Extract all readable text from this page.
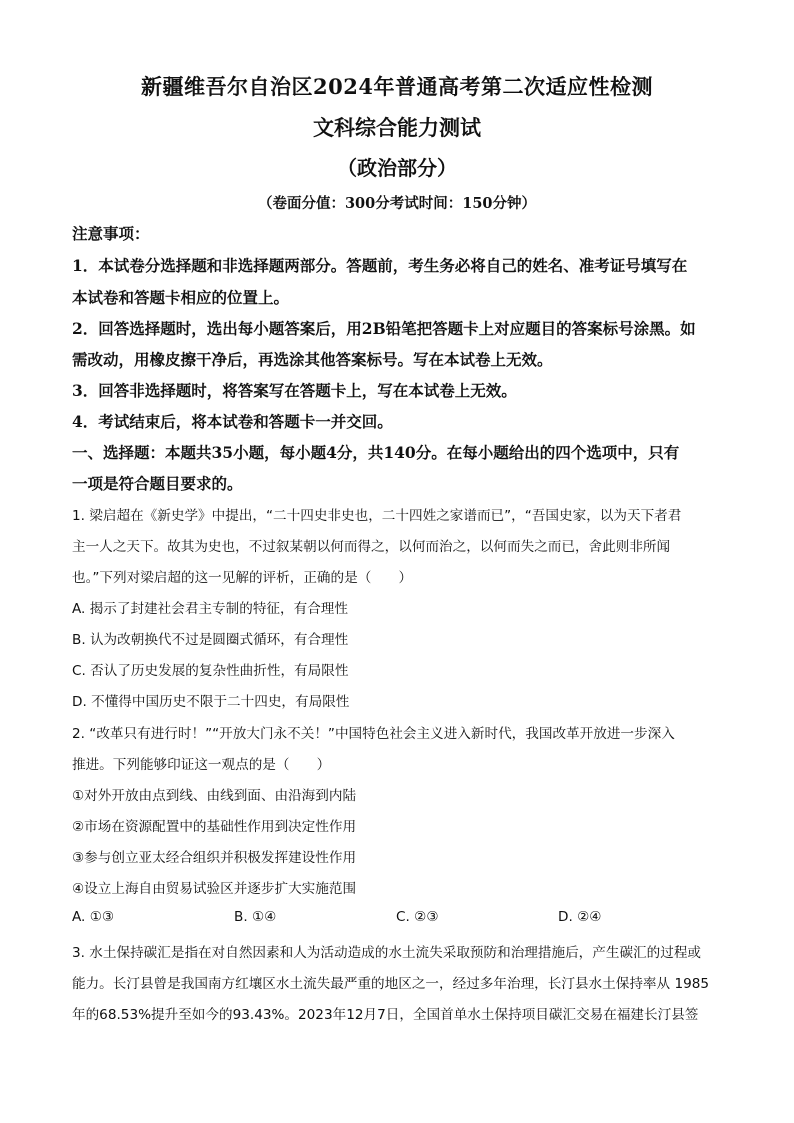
新疆维吾尔自治区2024年普通高考第二次适应性检测
文科综合能力测试
（政治部分）
（卷面分值：300分考试时间：150分钟）
注意事项：
1．本试卷分选择题和非选择题两部分。答题前，考生务必将自己的姓名、准考证号填写在
本试卷和答题卡相应的位置上。
2．回答选择题时，选出每小题答案后，用2B铅笔把答题卡上对应题目的答案标号涂黑。如
需改动，用橡皮擦干净后，再选涂其他答案标号。写在本试卷上无效。
3．回答非选择题时，将答案写在答题卡上，写在本试卷上无效。
4．考试结束后，将本试卷和答题卡一并交回。
一、选择题：本题共35小题，每小题4分，共140分。在每小题给出的四个选项中，只有
一项是符合题目要求的。
1. 梁启超在《新史学》中提出，“二十四史非史也，二十四姓之家谱而已”，“吾国史家，以为天下者君
主一人之天下。故其为史也，不过叙某朝以何而得之，以何而治之，以何而失之而已，舍此则非所闻
也。”下列对梁启超的这一见解的评析，正确的是（　　）
A. 揭示了封建社会君主专制的特征，有合理性
B. 认为改朝换代不过是圆圈式循环，有合理性
C. 否认了历史发展的复杂性曲折性，有局限性
D. 不懂得中国历史不限于二十四史，有局限性
2. “改革只有进行时！”“开放大门永不关！”中国特色社会主义进入新时代，我国改革开放进一步深入
推进。下列能够印证这一观点的是（　　）
①对外开放由点到线、由线到面、由沿海到内陆
②市场在资源配置中的基础性作用到决定性作用
③参与创立亚太经合组织并积极发挥建设性作用
④设立上海自由贸易试验区并逐步扩大实施范围
A. ①③	B. ①④	C. ②③	D. ②④
3. 水土保持碳汇是指在对自然因素和人为活动造成的水土流失采取预防和治理措施后，产生碳汇的过程或
能力。长汀县曾是我国南方红壤区水土流失最严重的地区之一，经过多年治理，长汀县水土保持率从 1985
年的68.53%提升至如今的93.43%。2023年12月7日，全国首单水土保持项目碳汇交易在福建长汀县签
